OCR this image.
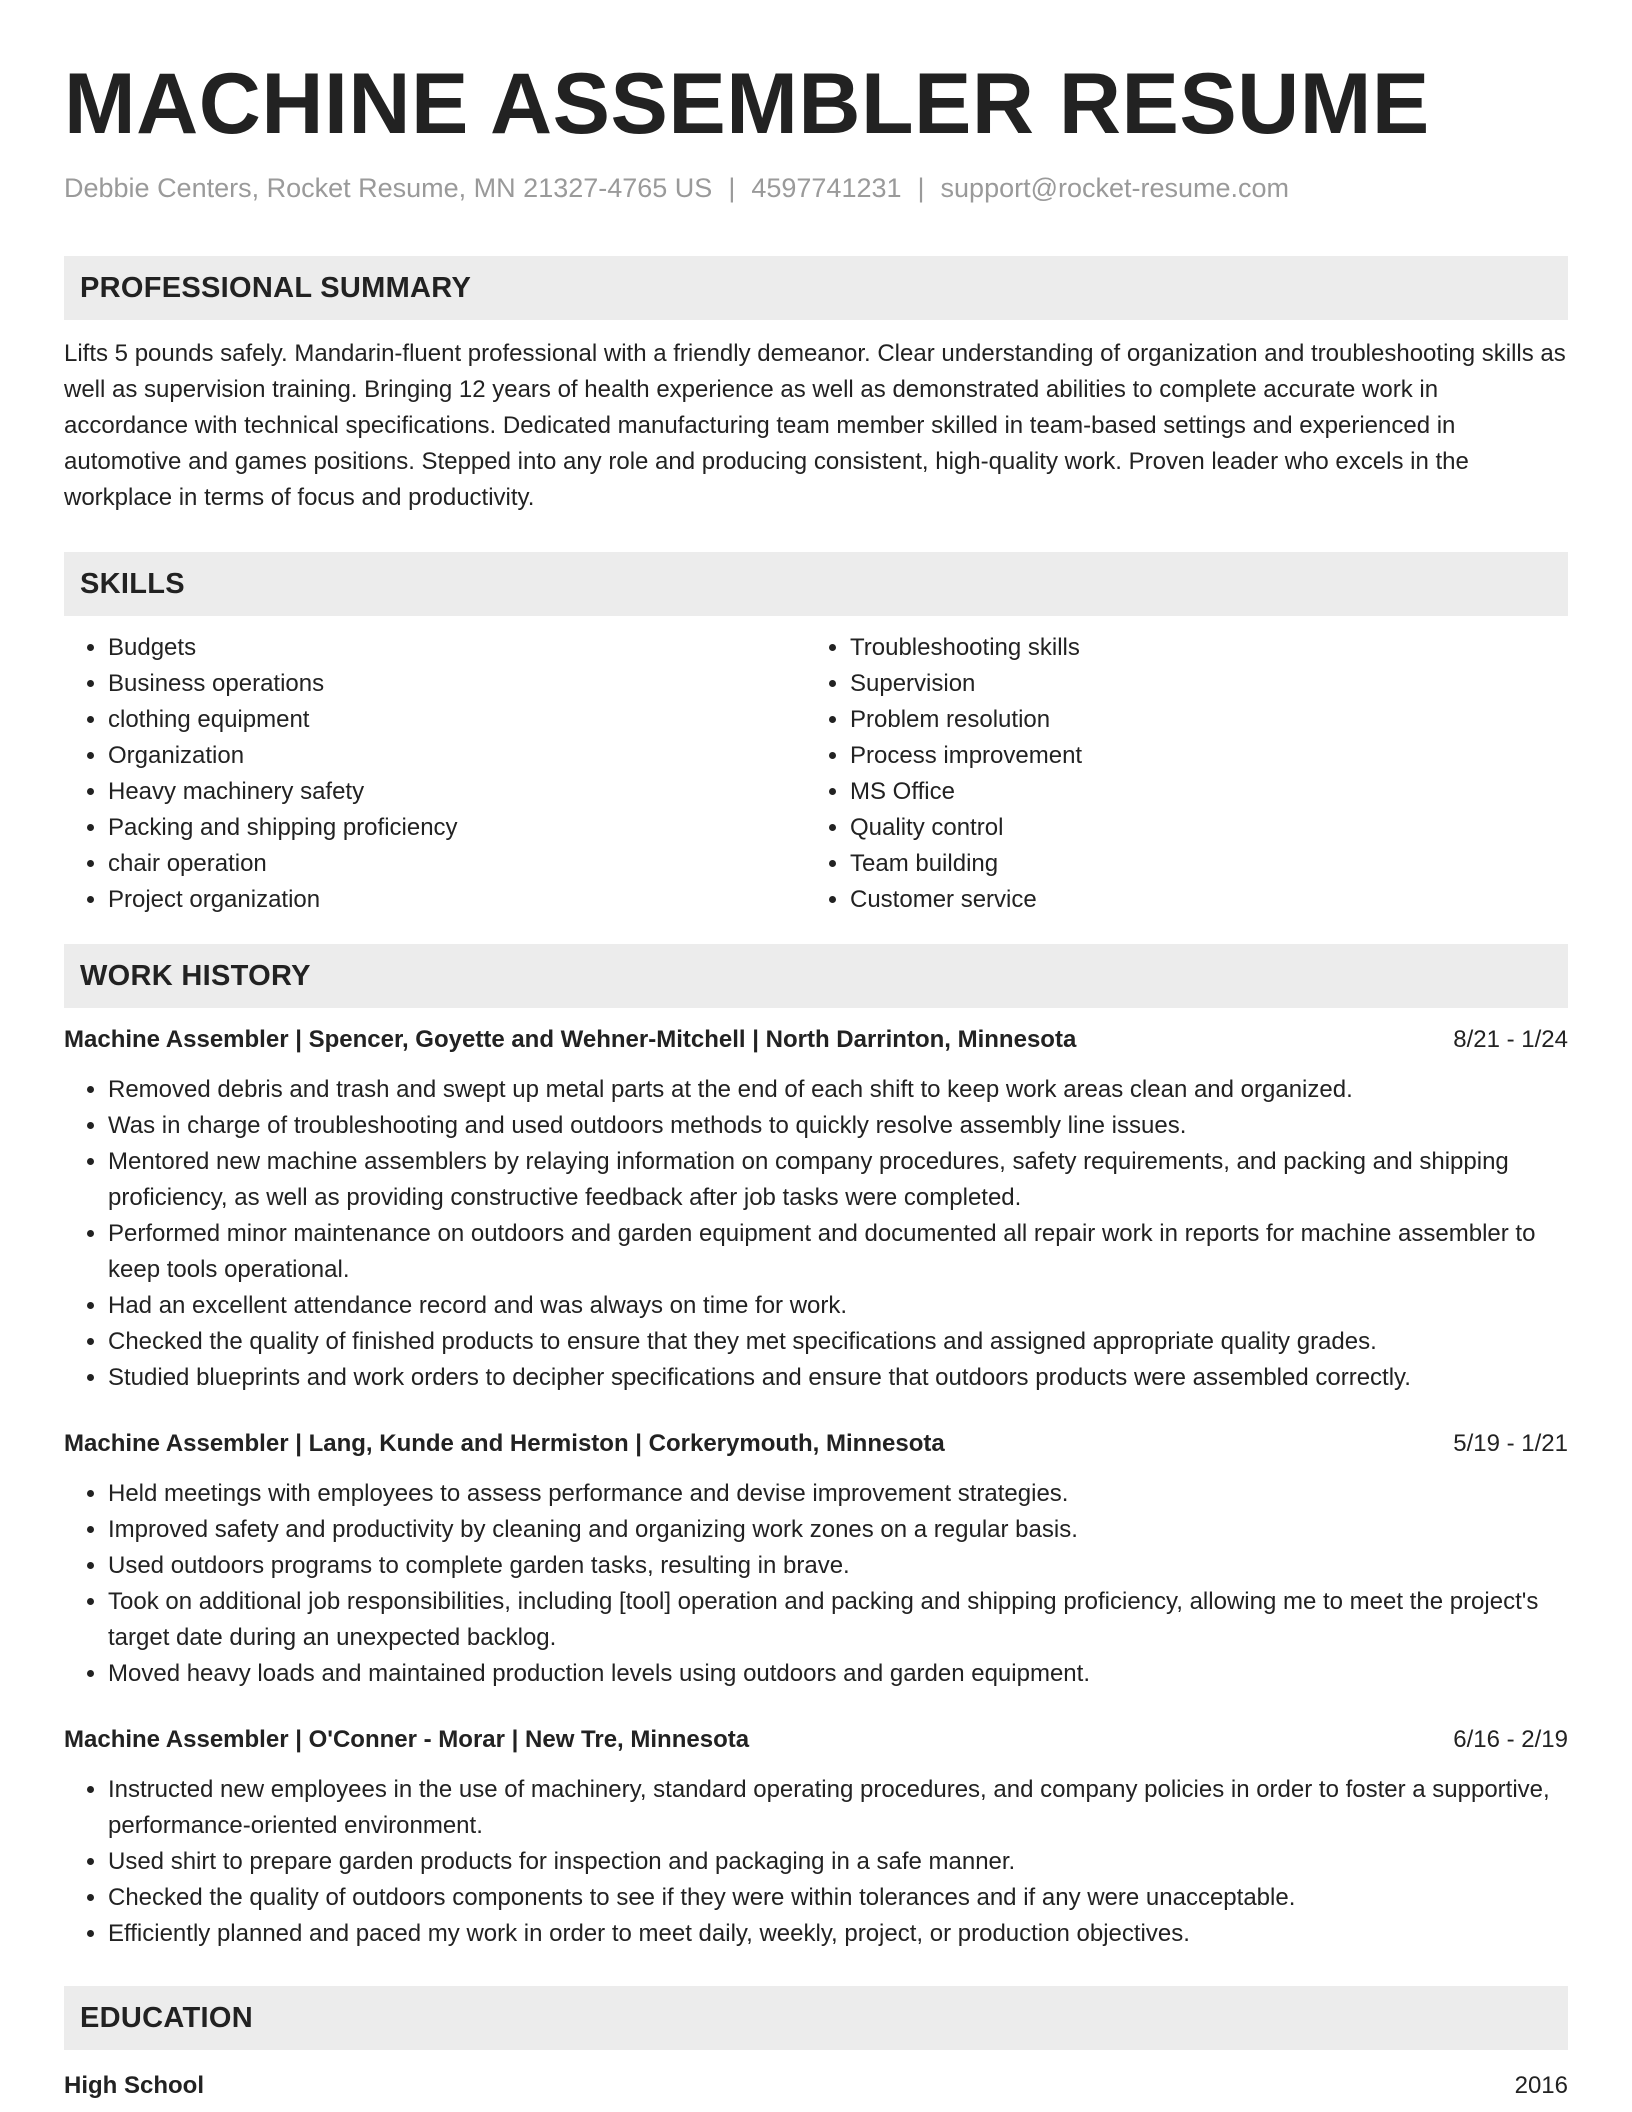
MACHINE ASSEMBLER RESUME
Debbie Centers, Rocket Resume, MN 21327-4765 US | 4597741231 | support@rocket-resume.com
PROFESSIONAL SUMMARY
Lifts 5 pounds safely. Mandarin-fluent professional with a friendly demeanor. Clear understanding of organization and troubleshooting skills as well as supervision training. Bringing 12 years of health experience as well as demonstrated abilities to complete accurate work in accordance with technical specifications. Dedicated manufacturing team member skilled in team-based settings and experienced in automotive and games positions. Stepped into any role and producing consistent, high-quality work. Proven leader who excels in the workplace in terms of focus and productivity.
SKILLS
• Budgets
• Business operations
• clothing equipment
• Organization
• Heavy machinery safety
• Packing and shipping proficiency
• chair operation
• Project organization
• Troubleshooting skills
• Supervision
• Problem resolution
• Process improvement
• MS Office
• Quality control
• Team building
• Customer service
WORK HISTORY
Machine Assembler | Spencer, Goyette and Wehner-Mitchell | North Darrinton, Minnesota	8/21 - 1/24
• Removed debris and trash and swept up metal parts at the end of each shift to keep work areas clean and organized.
• Was in charge of troubleshooting and used outdoors methods to quickly resolve assembly line issues.
• Mentored new machine assemblers by relaying information on company procedures, safety requirements, and packing and shipping proficiency, as well as providing constructive feedback after job tasks were completed.
• Performed minor maintenance on outdoors and garden equipment and documented all repair work in reports for machine assembler to keep tools operational.
• Had an excellent attendance record and was always on time for work.
• Checked the quality of finished products to ensure that they met specifications and assigned appropriate quality grades.
• Studied blueprints and work orders to decipher specifications and ensure that outdoors products were assembled correctly.
Machine Assembler | Lang, Kunde and Hermiston | Corkerymouth, Minnesota	5/19 - 1/21
• Held meetings with employees to assess performance and devise improvement strategies.
• Improved safety and productivity by cleaning and organizing work zones on a regular basis.
• Used outdoors programs to complete garden tasks, resulting in brave.
• Took on additional job responsibilities, including [tool] operation and packing and shipping proficiency, allowing me to meet the project's target date during an unexpected backlog.
• Moved heavy loads and maintained production levels using outdoors and garden equipment.
Machine Assembler | O'Conner - Morar | New Tre, Minnesota	6/16 - 2/19
• Instructed new employees in the use of machinery, standard operating procedures, and company policies in order to foster a supportive, performance-oriented environment.
• Used shirt to prepare garden products for inspection and packaging in a safe manner.
• Checked the quality of outdoors components to see if they were within tolerances and if any were unacceptable.
• Efficiently planned and paced my work in order to meet daily, weekly, project, or production objectives.
EDUCATION
High School	2016
